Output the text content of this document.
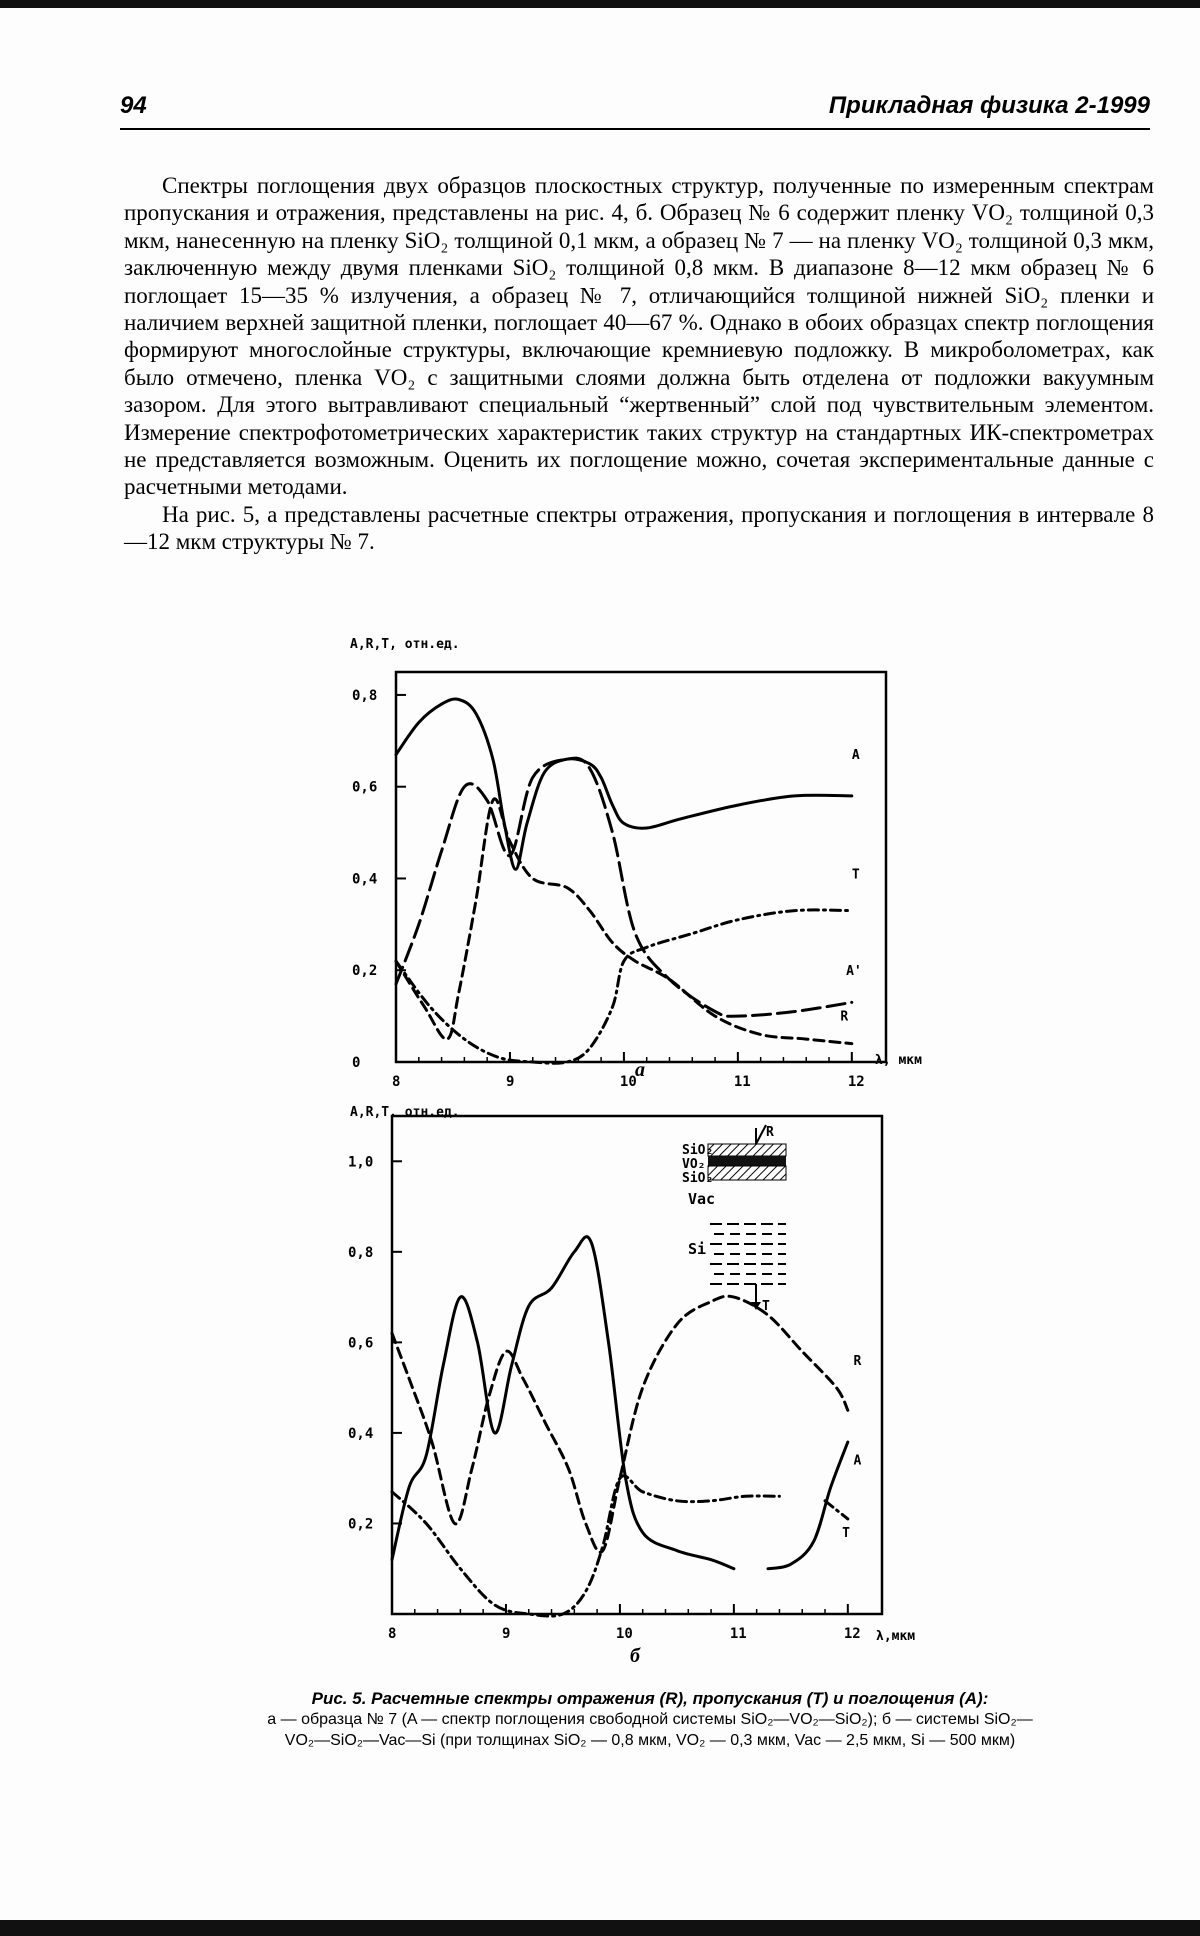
94	Прикладная физика 2-1999

Спектры поглощения двух образцов плоскостных структур, полученные по измеренным спектрам пропускания и отражения, представлены на рис. 4, б. Образец № 6 содержит пленку VO₂ толщиной 0,3 мкм, нанесенную на пленку SiO₂ толщиной 0,1 мкм, а образец № 7 — на пленку VO₂ толщиной 0,3 мкм, заключенную между двумя пленками SiO₂ толщиной 0,8 мкм. В диапазоне 8—12 мкм образец № 6 поглощает 15—35 % излучения, а образец № 7, отличающийся толщиной нижней SiO₂ пленки и наличием верхней защитной пленки, поглощает 40—67 %. Однако в обоих образцах спектр поглощения формируют многослойные структуры, включающие кремниевую подложку. В микроболометрах, как было отмечено, пленка VO₂ с защитными слоями должна быть отделена от подложки вакуумным зазором. Для этого вытравливают специальный “жертвенный” слой под чувствительным элементом. Измерение спектрофотометрических характеристик таких структур на стандартных ИК-спектрометрах не представляется возможным. Оценить их поглощение можно, сочетая экспериментальные данные с расчетными методами.

На рис. 5, а представлены расчетные спектры отражения, пропускания и поглощения в интервале 8—12 мкм структуры № 7.

A,R,T, отн.ед.
8	9	10	11	12
0
0,2
0,4
0,6
0,8
A
T
A'
R
λ, мкм
a
A,R,T, отн.ед.
8	9	10	11	12
0,2
0,4
0,6
0,8
1,0
A
R
T
λ,мкм
б
SiO₂
VO₂
SiO₂
Vac
Si
R
T
Рис. 5. Расчетные спектры отражения (R), пропускания (T) и поглощения (A):
а — образца № 7 (A — спектр поглощения свободной системы SiO₂—VO₂—SiO₂); б — системы SiO₂—
VO₂—SiO₂—Vac—Si (при толщинах SiO₂ — 0,8 мкм, VO₂ — 0,3 мкм, Vac — 2,5 мкм, Si — 500 мкм)
